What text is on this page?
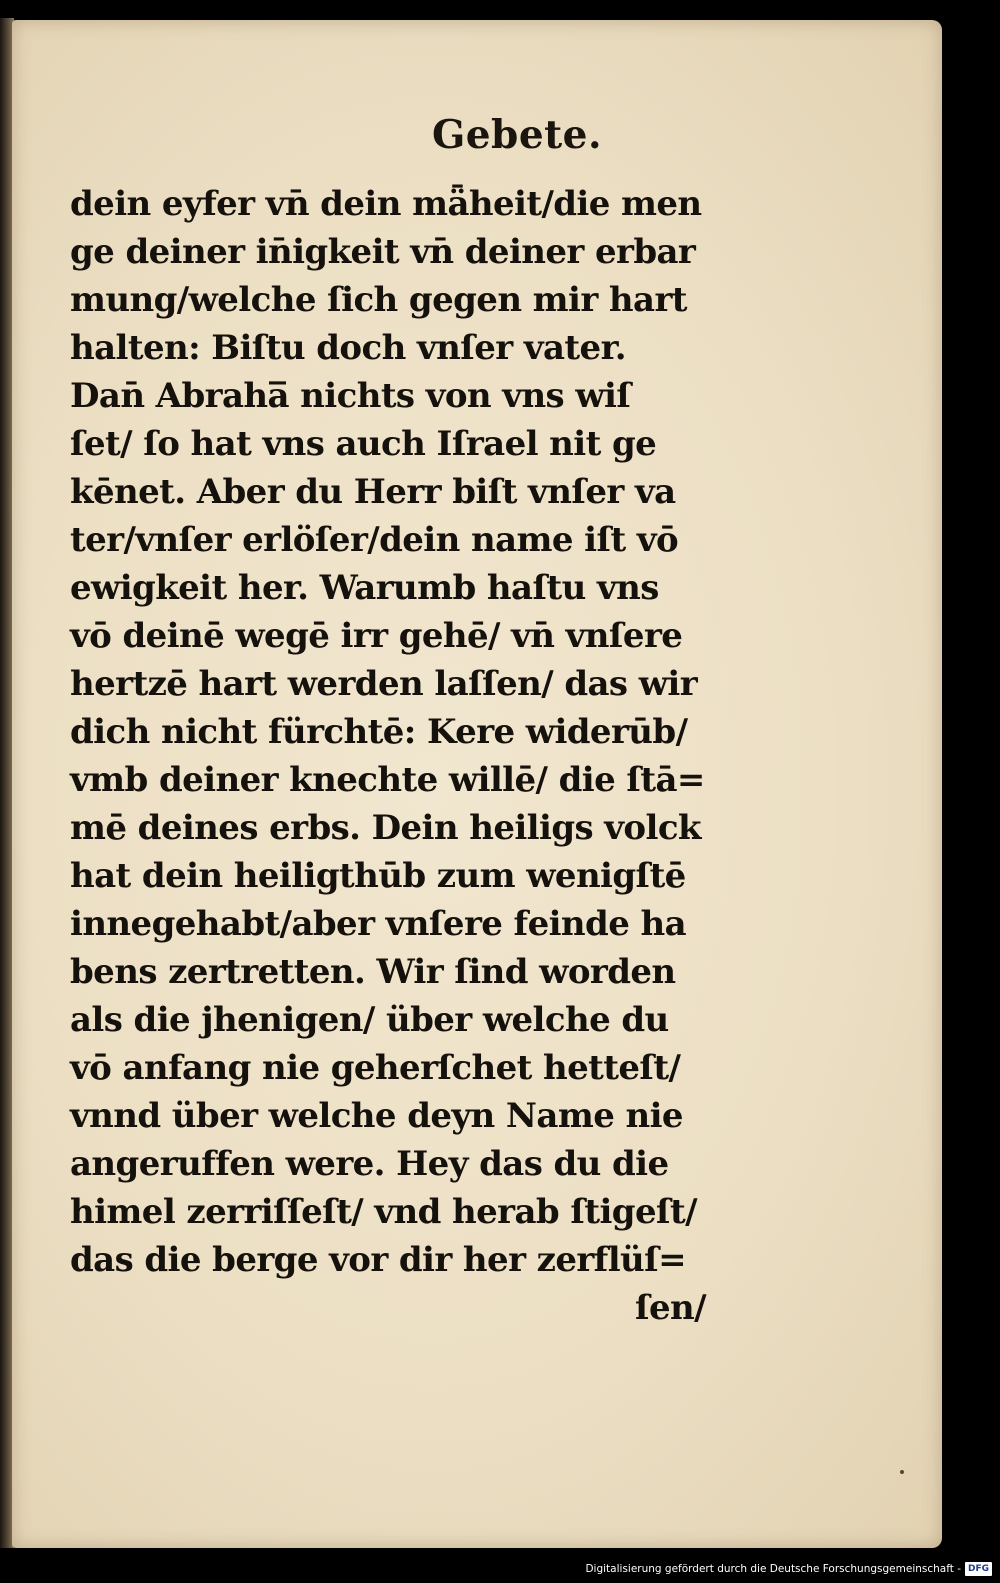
Gebete.
dein eyfer vn̄ dein mǟheit/die men
ge deiner in̄igkeit vn̄ deiner erbar
mung/welche ſich gegen mir hart
halten: Biſtu doch vnſer vater.
Dan̄ Abraha̅ nichts von vns wiſ
ſet/ ſo hat vns auch Iſrael nit ge
kēnet. Aber du Herr biſt vnſer va
ter/vnſer erlöſer/dein name iſt vō
ewigkeit her. Warumb haſtu vns
vō deinē wegē irr gehē/ vn̄ vnſere
hertzē hart werden laſſen/ das wir
dich nicht fürchtē: Kere widerūb/
vmb deiner knechte willē/ die ſtā=
mē deines erbs. Dein heiligs volck
hat dein heiligthūb zum wenigſtē
innegehabt/aber vnſere feinde ha
bens zertretten. Wir ſind worden
als die jhenigen/ über welche du
vō anfang nie geherſchet hetteſt/
vnnd über welche deyn Name nie
angeruffen were. Hey das du die
himel zerriſſeſt/ vnd herab ſtigeſt/
das die berge vor dir her zerflüſ=
ſen/
Digitalisierung gefördert durch die Deutsche Forschungsgemeinschaft - DFG
